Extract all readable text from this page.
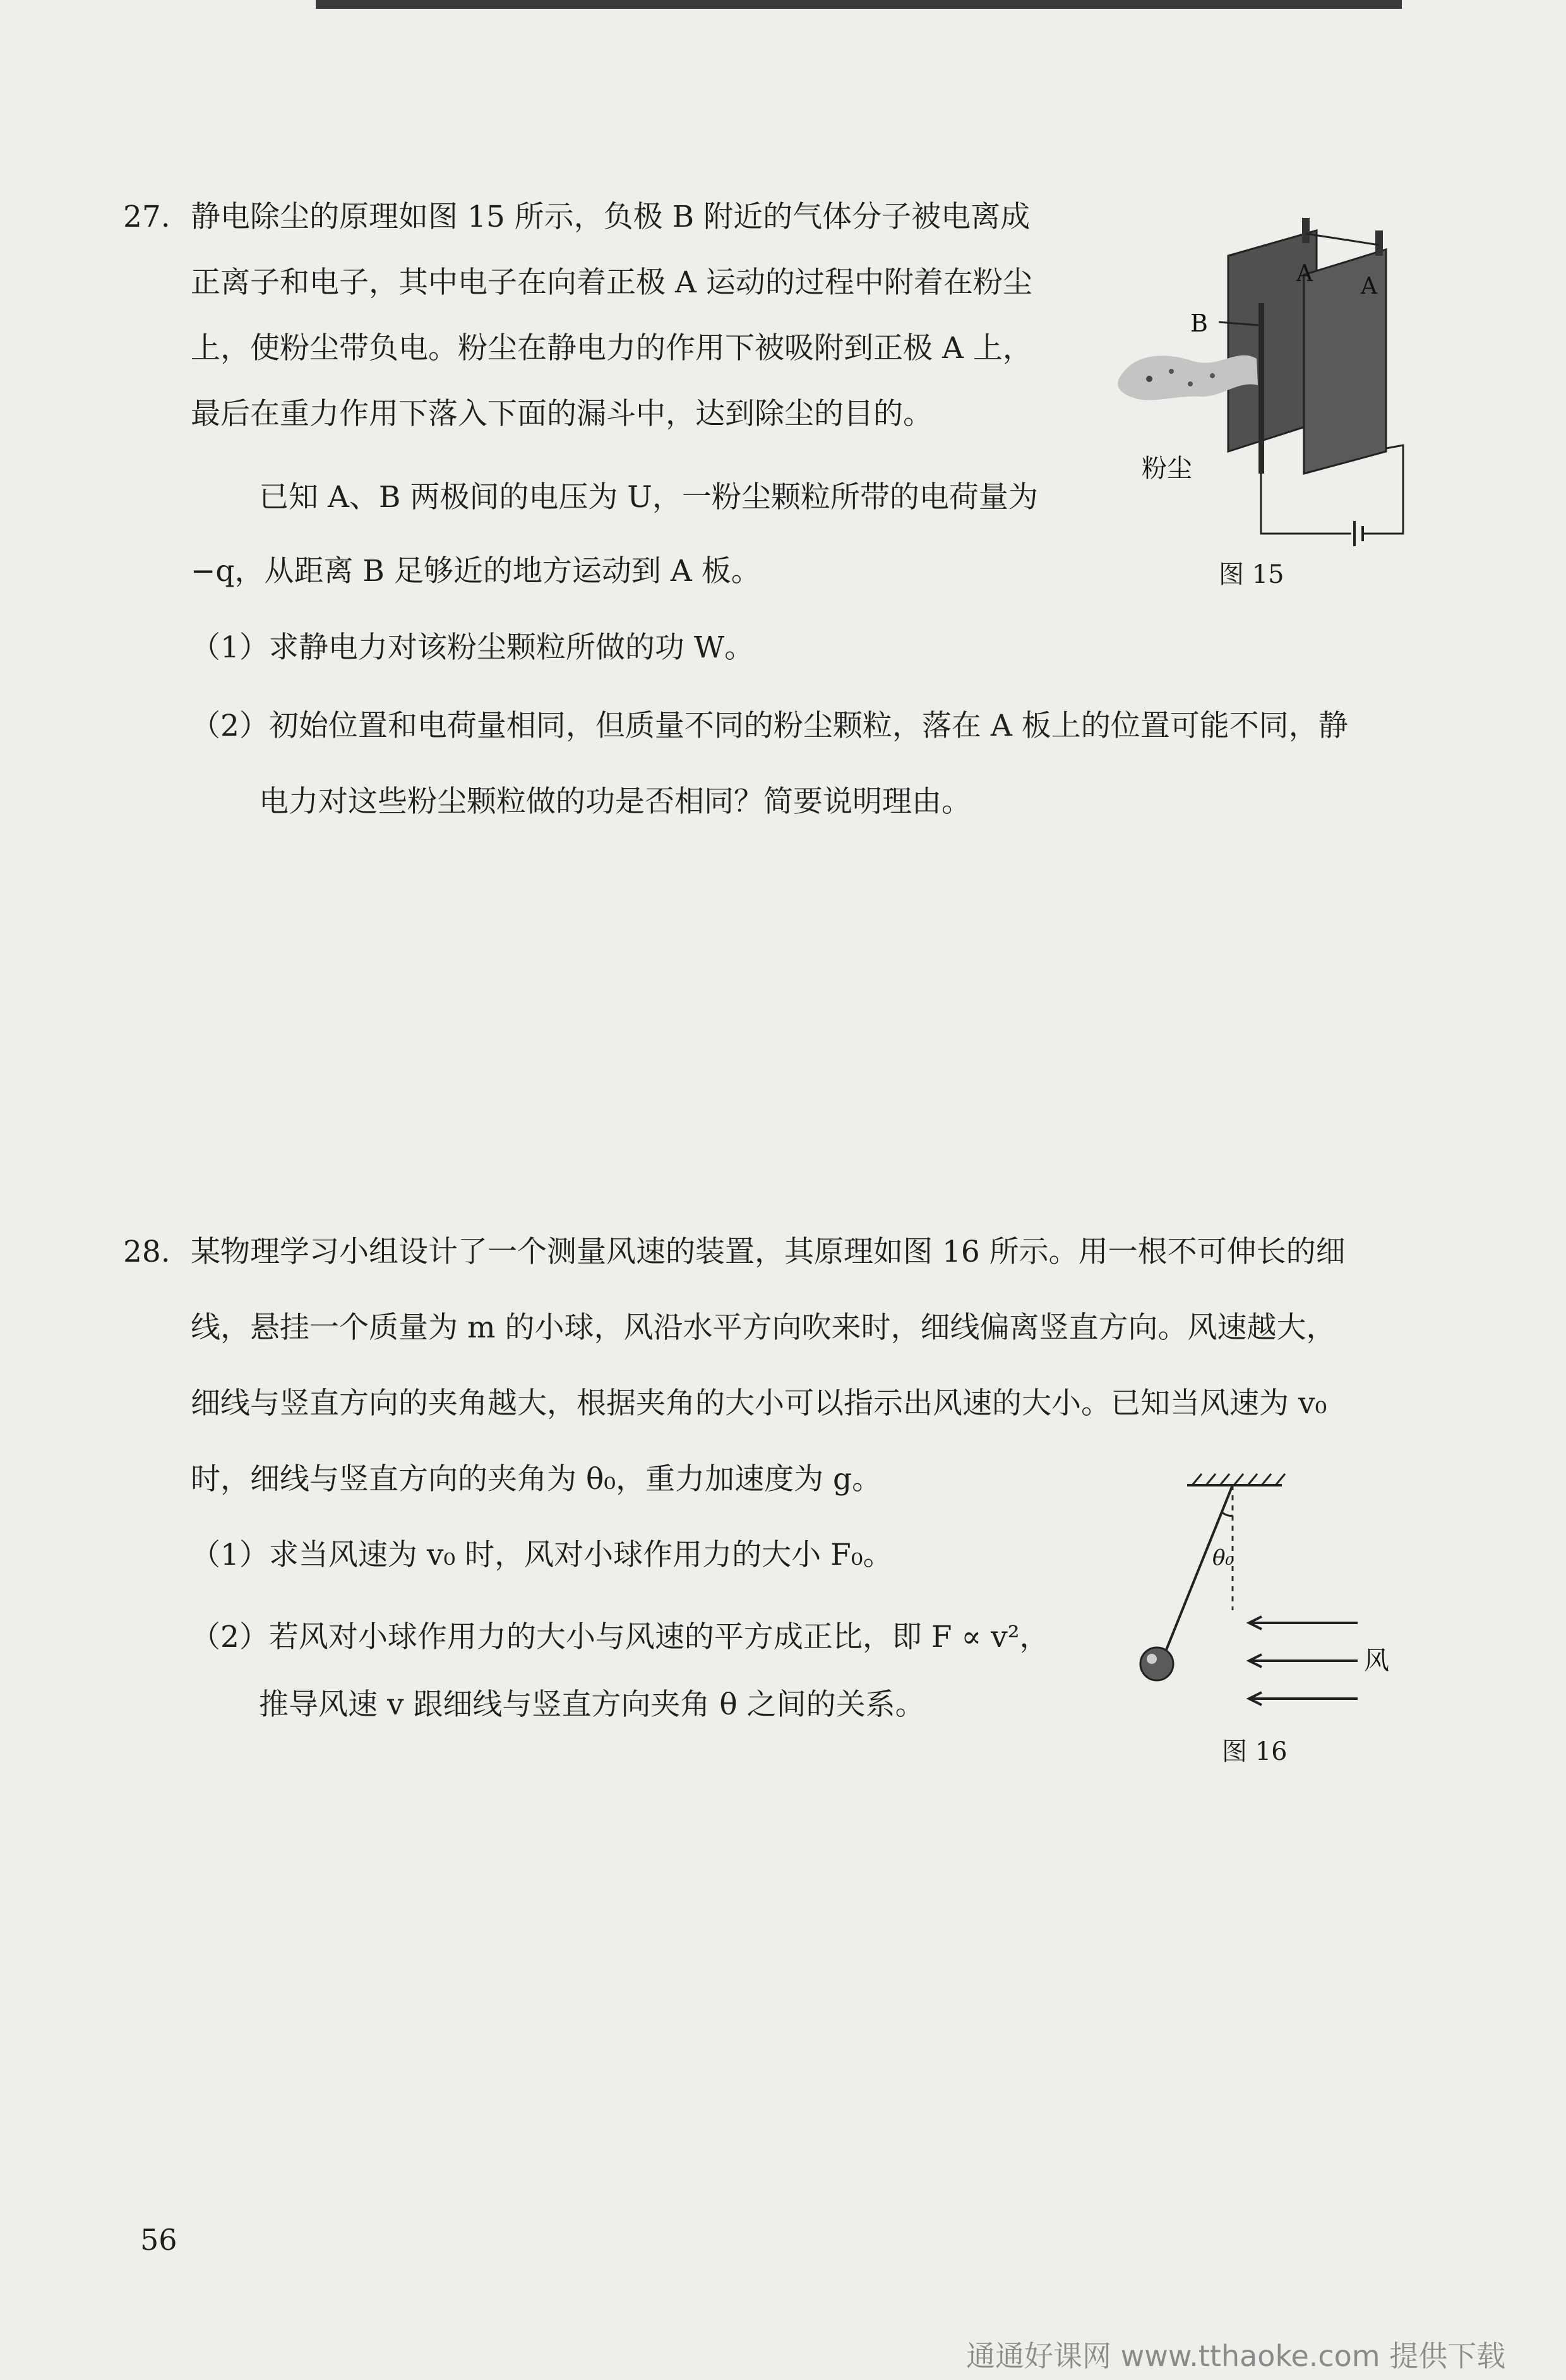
27. 静电除尘的原理如图 15 所示，负极 B 附近的气体分子被电离成
正离子和电子，其中电子在向着正极 A 运动的过程中附着在粉尘
上，使粉尘带负电。粉尘在静电力的作用下被吸附到正极 A 上，
最后在重力作用下落入下面的漏斗中，达到除尘的目的。
已知 A、B 两极间的电压为 U，一粉尘颗粒所带的电荷量为
−q，从距离 B 足够近的地方运动到 A 板。
（1）求静电力对该粉尘颗粒所做的功 W。
（2）初始位置和电荷量相同，但质量不同的粉尘颗粒，落在 A 板上的位置可能不同，静
电力对这些粉尘颗粒做的功是否相同？简要说明理由。
A A
B
粉尘
图 15
28. 某物理学习小组设计了一个测量风速的装置，其原理如图 16 所示。用一根不可伸长的细
线，悬挂一个质量为 m 的小球，风沿水平方向吹来时，细线偏离竖直方向。风速越大，
细线与竖直方向的夹角越大，根据夹角的大小可以指示出风速的大小。已知当风速为 v₀
时，细线与竖直方向的夹角为 θ₀，重力加速度为 g。
（1）求当风速为 v₀ 时，风对小球作用力的大小 F₀。
（2）若风对小球作用力的大小与风速的平方成正比，即 F ∝ v²，
推导风速 v 跟细线与竖直方向夹角 θ 之间的关系。
θ₀
风
图 16
56
通通好课网 www.tthaoke.com 提供下载
